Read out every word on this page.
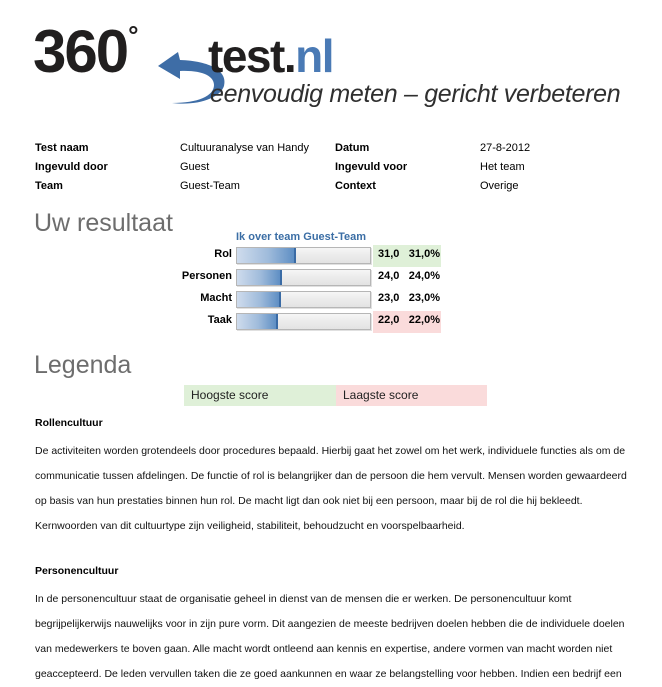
360° test.nl
eenvoudig meten – gericht verbeteren
Test naam	Cultuuranalyse van Handy	Datum	27-8-2012
Ingevuld door	Guest	Ingevuld voor	Het team
Team	Guest-Team	Context	Overige
Uw resultaat	Ik over team Guest-Team
Rol	31,0 31,0%
Personen	24,0 24,0%
Macht	23,0 23,0%
Taak	22,0 22,0%
Legenda
Hoogste score	Laagste score

Rollencultuur

De activiteiten worden grotendeels door procedures bepaald. Hierbij gaat het zowel om het werk, individuele functies als om de communicatie tussen afdelingen. De functie of rol is belangrijker dan de persoon die hem vervult. Mensen worden gewaardeerd op basis van hun prestaties binnen hun rol. De macht ligt dan ook niet bij een persoon, maar bij de rol die hij bekleedt. Kernwoorden van dit cultuurtype zijn veiligheid, stabiliteit, behoudzucht en voorspelbaarheid.

Personencultuur

In de personencultuur staat de organisatie geheel in dienst van de mensen die er werken. De personencultuur komt begrijpelijkerwijs nauwelijks voor in zijn pure vorm. Dit aangezien de meeste bedrijven doelen hebben die de individuele doelen van medewerkers te boven gaan. Alle macht wordt ontleend aan kennis en expertise, andere vormen van macht worden niet geaccepteerd. De leden vervullen taken die ze goed aankunnen en waar ze belangstelling voor hebben. Indien een bedrijf een
